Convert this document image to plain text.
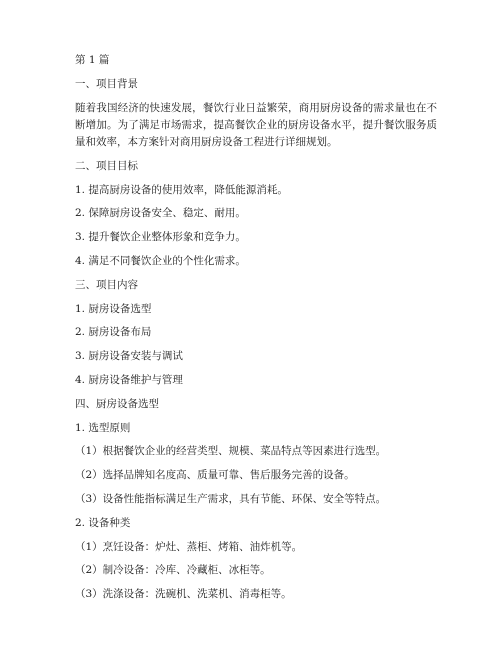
第 1 篇

一、项目背景

随着我国经济的快速发展，餐饮行业日益繁荣，商用厨房设备的需求量也在不断增加。为了满足市场需求，提高餐饮企业的厨房设备水平，提升餐饮服务质量和效率，本方案针对商用厨房设备工程进行详细规划。

二、项目目标

1. 提高厨房设备的使用效率，降低能源消耗。

2. 保障厨房设备安全、稳定、耐用。

3. 提升餐饮企业整体形象和竞争力。

4. 满足不同餐饮企业的个性化需求。

三、项目内容

1. 厨房设备选型

2. 厨房设备布局

3. 厨房设备安装与调试

4. 厨房设备维护与管理

四、厨房设备选型

1. 选型原则

（1）根据餐饮企业的经营类型、规模、菜品特点等因素进行选型。

（2）选择品牌知名度高、质量可靠、售后服务完善的设备。

（3）设备性能指标满足生产需求，具有节能、环保、安全等特点。

2. 设备种类

（1）烹饪设备：炉灶、蒸柜、烤箱、油炸机等。

（2）制冷设备：冷库、冷藏柜、冰柜等。

（3）洗涤设备：洗碗机、洗菜机、消毒柜等。
